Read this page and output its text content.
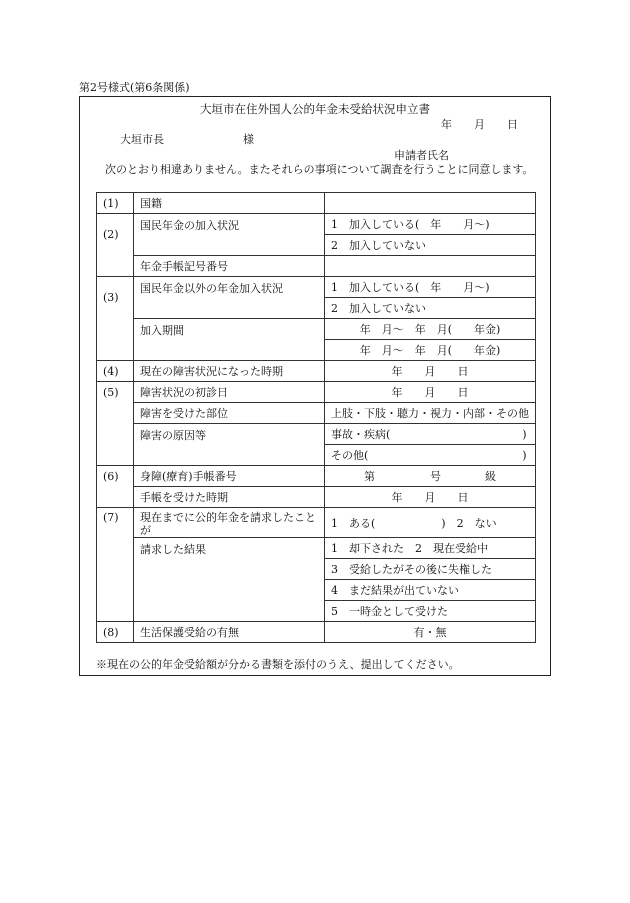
第2号様式(第6条関係)
大垣市在住外国人公的年金未受給状況申立書
年　　月　　日
大垣市長	様
申請者氏名
　次のとおり相違ありません。またそれらの事項について調査を行うことに同意します。
(1)	国籍	
(2)	国民年金の加入状況	1　加入している(　年　　月〜)
		2　加入していない
	年金手帳記号番号	
(3)	国民年金以外の年金加入状況	1　加入している(　年　　月〜)
		2　加入していない
	加入期間	年　月〜　年　月(　　年金)
		年　月〜　年　月(　　年金)
(4)	現在の障害状況になった時期	年　　月　　日
(5)	障害状況の初診日	年　　月　　日
	障害を受けた部位	上肢・下肢・聴力・視力・内部・その他
	障害の原因等	事故・疾病(　　　　　　　　　　　　)
		その他(　　　　　　　　　　　　　　)
(6)	身障(療育)手帳番号	第　　　　　号　　　　級
	手帳を受けた時期	年　　月　　日
(7)	現在までに公的年金を請求したことが	1　ある(　　　　　　)　2　ない
	請求した結果	1　却下された　2　現在受給中
		3　受給したがその後に失権した
		4　まだ結果が出ていない
		5　一時金として受けた
(8)	生活保護受給の有無	有・無
※現在の公的年金受給額が分かる書類を添付のうえ、提出してください。
